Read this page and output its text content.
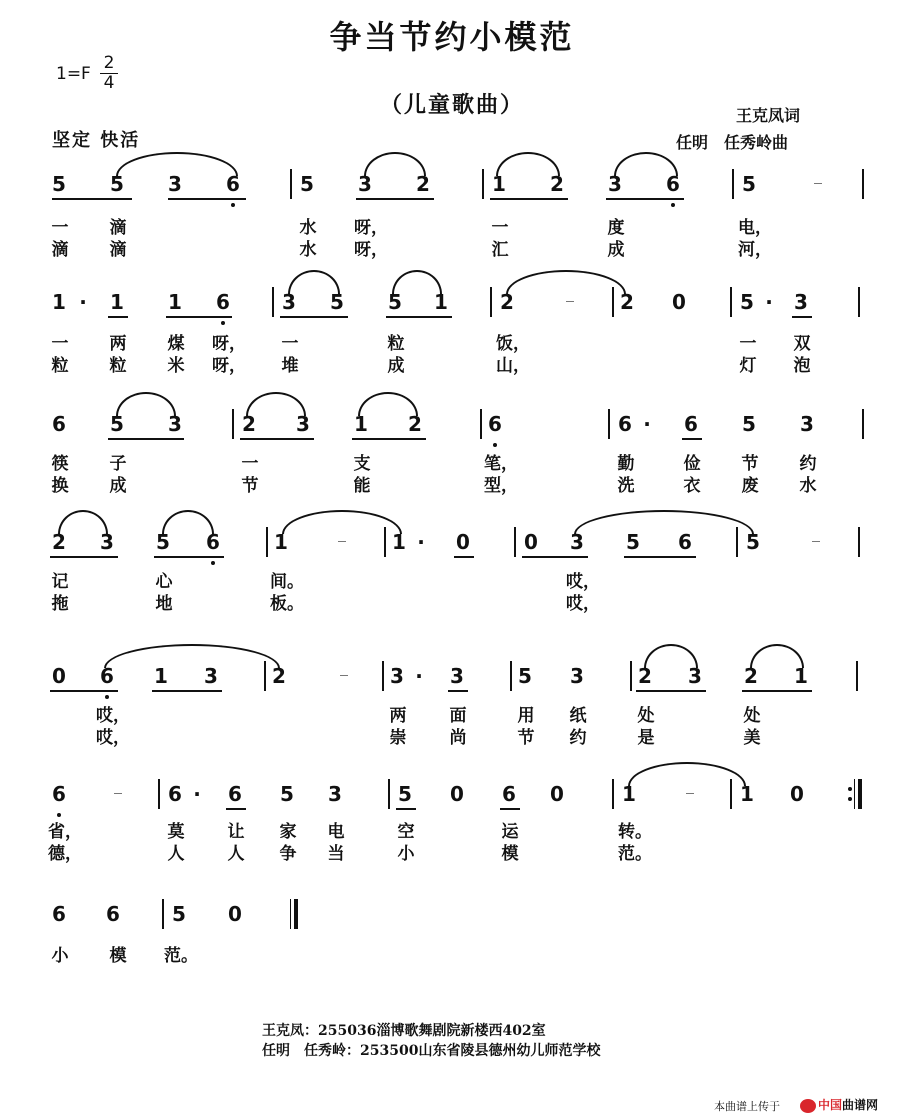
争当节约小模范
（儿童歌曲）
1=F
2
4
坚定 快活
王克凤词
任明　任秀岭曲
5 5 3 6	5 3 2	1 2 3 6	5
一 滴	水 呀，	一	度	电，
滴 滴	水 呀，	汇	成	河，
1 ·	1 1 6	3 5 5 1	2	2 0	5 ·	3
一 两 煤 呀， 一	粒	饭，	一 双
粒 粒 米 呀， 堆	成	山，	灯 泡
6 5 3	2 3 1 2	6	6 ·	6 5 3
筷 子	一	支	笔，	勤	俭 节 约
换 成	节	能	型，	洗	衣 废 水
2 3 5 6	1	1 ·	0	0 3 5 6	5
记	心	间。	哎，
拖	地	板。	哎，
0 6 1 3	2	3 ·	3	5 3	2 3 2 1
哎，	两	面	用 纸	处	处
哎，	崇	尚	节 约	是	美
6	6 ·	6 5 3	5 0 6 0	1	1 0
省，	莫	让 家 电	空	运	转。
德，	人	人 争 当	小	模	范。
6 6	5 0
小 模 范。
王克凤：255036淄博歌舞剧院新楼西402室
任明　任秀岭：253500山东省陵县德州幼儿师范学校
本曲谱上传于	中国曲谱网
